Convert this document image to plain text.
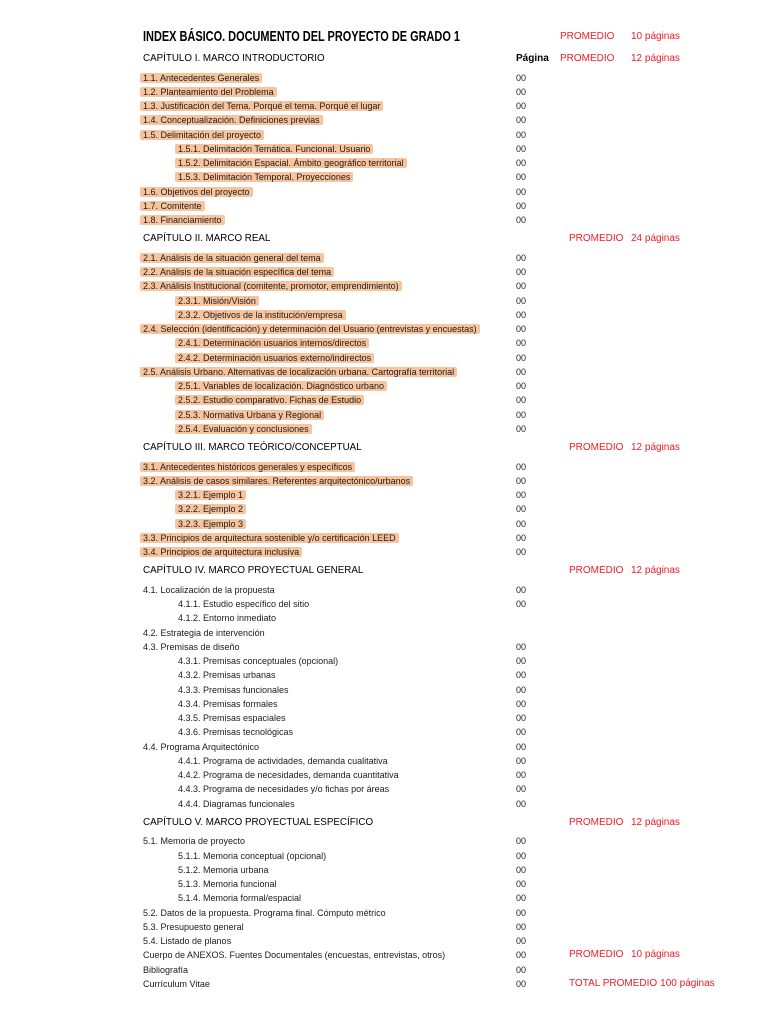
INDEX BÁSICO. DOCUMENTO DEL PROYECTO DE GRADO 1	PROMEDIO 10 páginas
CAPÍTULO I. MARCO INTRODUCTORIO	Página PROMEDIO 12 páginas
1.1. Antecedentes Generales	00
1.2. Planteamiento del Problema	00
1.3. Justificación del Tema. Porqué el tema. Porqué el lugar	00
1.4. Conceptualización. Definiciones previas	00
1.5. Delimitación del proyecto	00
1.5.1. Delimitación Temática. Funcional. Usuario	00
1.5.2. Delimitación Espacial. Ámbito geográfico territorial	00
1.5.3. Delimitación Temporal. Proyecciones	00
1.6. Objetivos del proyecto	00
1.7. Comitente	00
1.8. Financiamiento	00
CAPÍTULO II. MARCO REAL	PROMEDIO 24 páginas
2.1. Análisis de la situación general del tema	00
2.2. Análisis de la situación específica del tema	00
2.3. Análisis Institucional (comitente, promotor, emprendimiento)	00
2.3.1. Misión/Visión	00
2.3.2. Objetivos de la institución/empresa	00
2.4. Selección (identificación) y determinación del Usuario (entrevistas y encuestas)	00
2.4.1. Determinación usuarios internos/directos	00
2.4.2. Determinación usuarios externo/indirectos	00
2.5. Análisis Urbano. Alternativas de localización urbana. Cartografía territorial	00
2.5.1. Variables de localización. Diagnóstico urbano	00
2.5.2. Estudio comparativo. Fichas de Estudio	00
2.5.3. Normativa Urbana y Regional	00
2.5.4. Evaluación y conclusiones	00
CAPÍTULO III. MARCO TEÓRICO/CONCEPTUAL	PROMEDIO 12 páginas
3.1. Antecedentes históricos generales y específicos	00
3.2. Análisis de casos similares. Referentes arquitectónico/urbanos	00
3.2.1. Ejemplo 1	00
3.2.2. Ejemplo 2	00
3.2.3. Ejemplo 3	00
3.3. Principios de arquitectura sostenible y/o certificación LEED	00
3.4. Principios de arquitectura inclusiva	00
CAPÍTULO IV. MARCO PROYECTUAL GENERAL	PROMEDIO 12 páginas
4.1. Localización de la propuesta	00
4.1.1. Estudio específico del sitio	00
4.1.2. Entorno inmediato
4.2. Estrategia de intervención
4.3. Premisas de diseño	00
4.3.1. Premisas conceptuales (opcional)	00
4.3.2. Premisas urbanas	00
4.3.3. Premisas funcionales	00
4.3.4. Premisas formales	00
4.3.5. Premisas espaciales	00
4.3.6. Premisas tecnológicas	00
4.4. Programa Arquitectónico	00
4.4.1. Programa de actividades, demanda cualitativa	00
4.4.2. Programa de necesidades, demanda cuantitativa	00
4.4.3. Programa de necesidades y/o fichas por áreas	00
4.4.4. Diagramas funcionales	00
CAPÍTULO V. MARCO PROYECTUAL ESPECÍFICO	PROMEDIO 12 páginas
5.1. Memoria de proyecto	00
5.1.1. Memoria conceptual (opcional)	00
5.1.2. Memoria urbana	00
5.1.3. Memoria funcional	00
5.1.4. Memoria formal/espacial	00
5.2. Datos de la propuesta. Programa final. Cómputo métrico	00
5.3. Presupuesto general	00
5.4. Listado de planos	00
Cuerpo de ANEXOS. Fuentes Documentales (encuestas, entrevistas, otros)	00	PROMEDIO 10 páginas
Bibliografía	00
Currículum Vitae	00	TOTAL PROMEDIO 100 páginas
